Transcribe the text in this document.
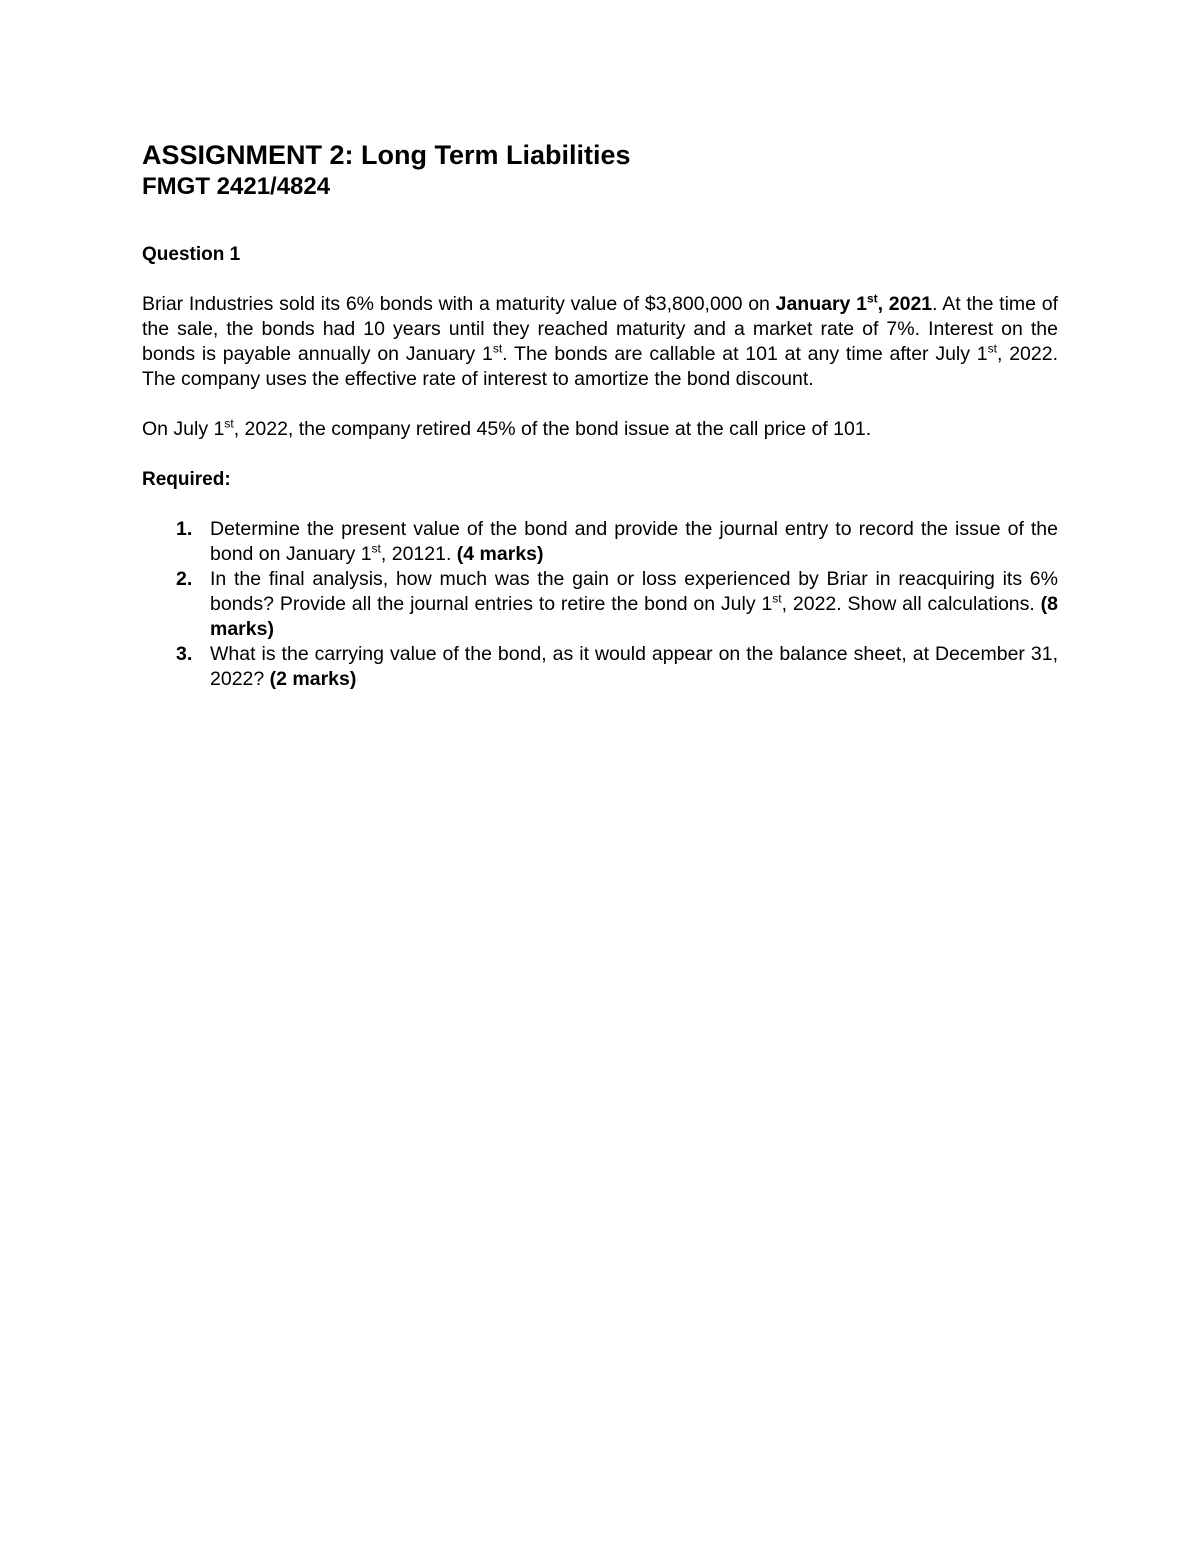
ASSIGNMENT 2: Long Term Liabilities
FMGT 2421/4824
Question 1

Briar Industries sold its 6% bonds with a maturity value of $3,800,000 on January 1st, 2021. At the time of the sale, the bonds had 10 years until they reached maturity and a market rate of 7%. Interest on the bonds is payable annually on January 1st. The bonds are callable at 101 at any time after July 1st, 2022. The company uses the effective rate of interest to amortize the bond discount.

On July 1st, 2022, the company retired 45% of the bond issue at the call price of 101.

Required:
1. Determine the present value of the bond and provide the journal entry to record the issue of the bond on January 1st, 20121. (4 marks)
2. In the final analysis, how much was the gain or loss experienced by Briar in reacquiring its 6% bonds? Provide all the journal entries to retire the bond on July 1st, 2022. Show all calculations. (8 marks)
3. What is the carrying value of the bond, as it would appear on the balance sheet, at December 31, 2022? (2 marks)
